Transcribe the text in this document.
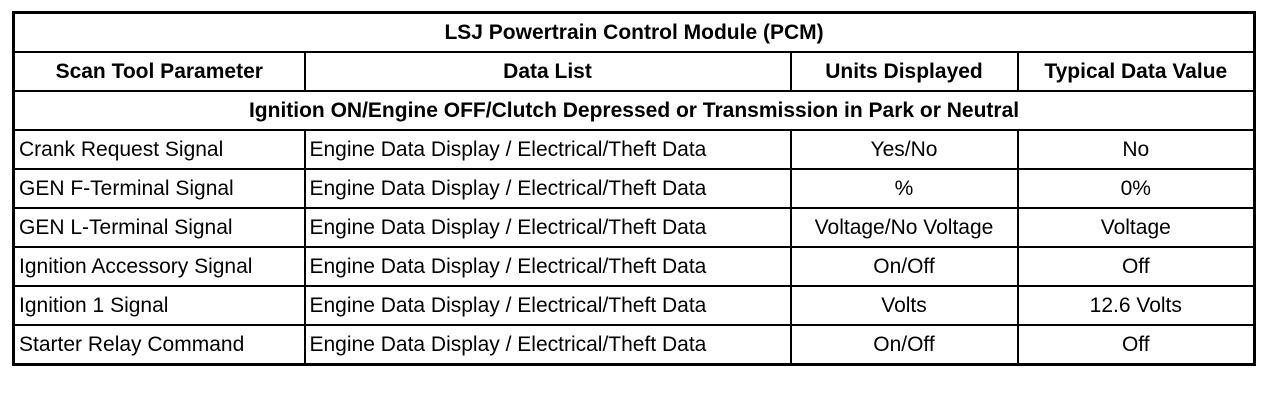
LSJ Powertrain Control Module (PCM)			
Scan Tool Parameter	Data List	Units Displayed	Typical Data Value
Ignition ON/Engine OFF/Clutch Depressed or Transmission in Park or Neutral			
Crank Request Signal	Engine Data Display / Electrical/Theft Data	Yes/No	No
GEN F-Terminal Signal	Engine Data Display / Electrical/Theft Data	%	0%
GEN L-Terminal Signal	Engine Data Display / Electrical/Theft Data	Voltage/No Voltage	Voltage
Ignition Accessory Signal	Engine Data Display / Electrical/Theft Data	On/Off	Off
Ignition 1 Signal	Engine Data Display / Electrical/Theft Data	Volts	12.6 Volts
Starter Relay Command	Engine Data Display / Electrical/Theft Data	On/Off	Off
